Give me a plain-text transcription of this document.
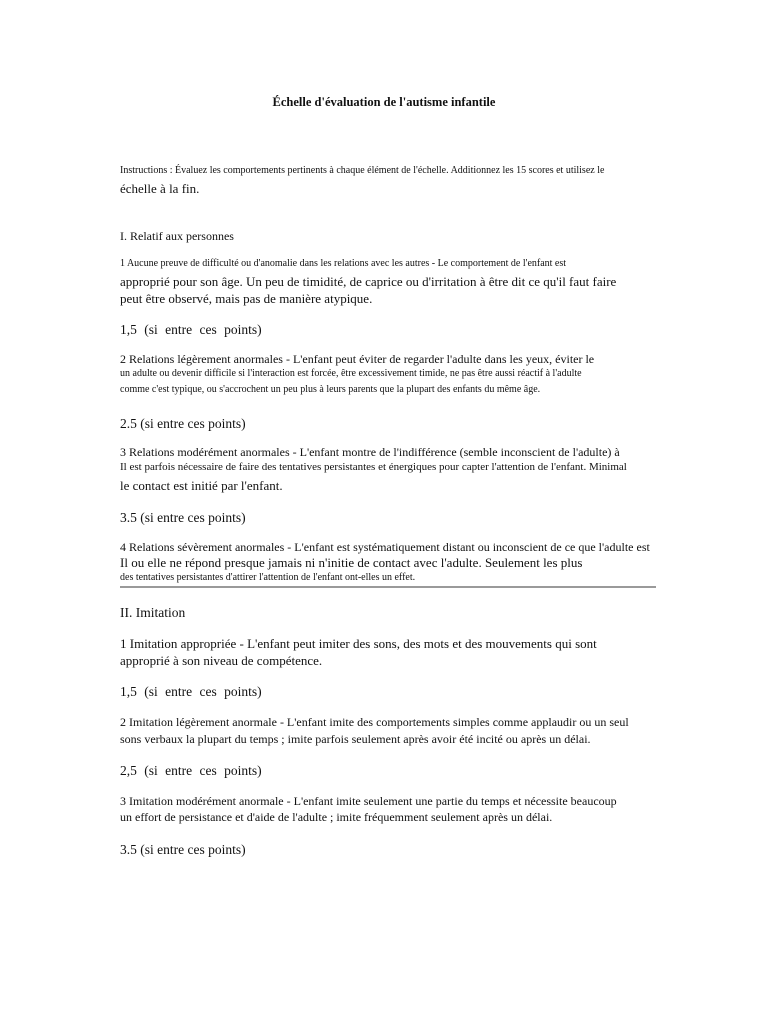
Échelle d'évaluation de l'autisme infantile
Instructions : Évaluez les comportements pertinents à chaque élément de l'échelle. Additionnez les 15 scores et utilisez le
échelle à la fin.
I. Relatif aux personnes
1 Aucune preuve de difficulté ou d'anomalie dans les relations avec les autres - Le comportement de l'enfant est
approprié pour son âge. Un peu de timidité, de caprice ou d'irritation à être dit ce qu'il faut faire
peut être observé, mais pas de manière atypique.
1,5 (si entre ces points)
2 Relations légèrement anormales - L'enfant peut éviter de regarder l'adulte dans les yeux, éviter le
un adulte ou devenir difficile si l'interaction est forcée, être excessivement timide, ne pas être aussi réactif à l'adulte
comme c'est typique, ou s'accrochent un peu plus à leurs parents que la plupart des enfants du même âge.
2.5 (si entre ces points)
3 Relations modérément anormales - L'enfant montre de l'indifférence (semble inconscient de l'adulte) à
Il est parfois nécessaire de faire des tentatives persistantes et énergiques pour capter l'attention de l'enfant. Minimal
le contact est initié par l'enfant.
3.5 (si entre ces points)
4 Relations sévèrement anormales - L'enfant est systématiquement distant ou inconscient de ce que l'adulte est
Il ou elle ne répond presque jamais ni n'initie de contact avec l'adulte. Seulement les plus
des tentatives persistantes d'attirer l'attention de l'enfant ont-elles un effet.
II. Imitation
1 Imitation appropriée - L'enfant peut imiter des sons, des mots et des mouvements qui sont
approprié à son niveau de compétence.
1,5 (si entre ces points)
2 Imitation légèrement anormale - L'enfant imite des comportements simples comme applaudir ou un seul
sons verbaux la plupart du temps ; imite parfois seulement après avoir été incité ou après un délai.
2,5 (si entre ces points)
3 Imitation modérément anormale - L'enfant imite seulement une partie du temps et nécessite beaucoup
un effort de persistance et d'aide de l'adulte ; imite fréquemment seulement après un délai.
3.5 (si entre ces points)
